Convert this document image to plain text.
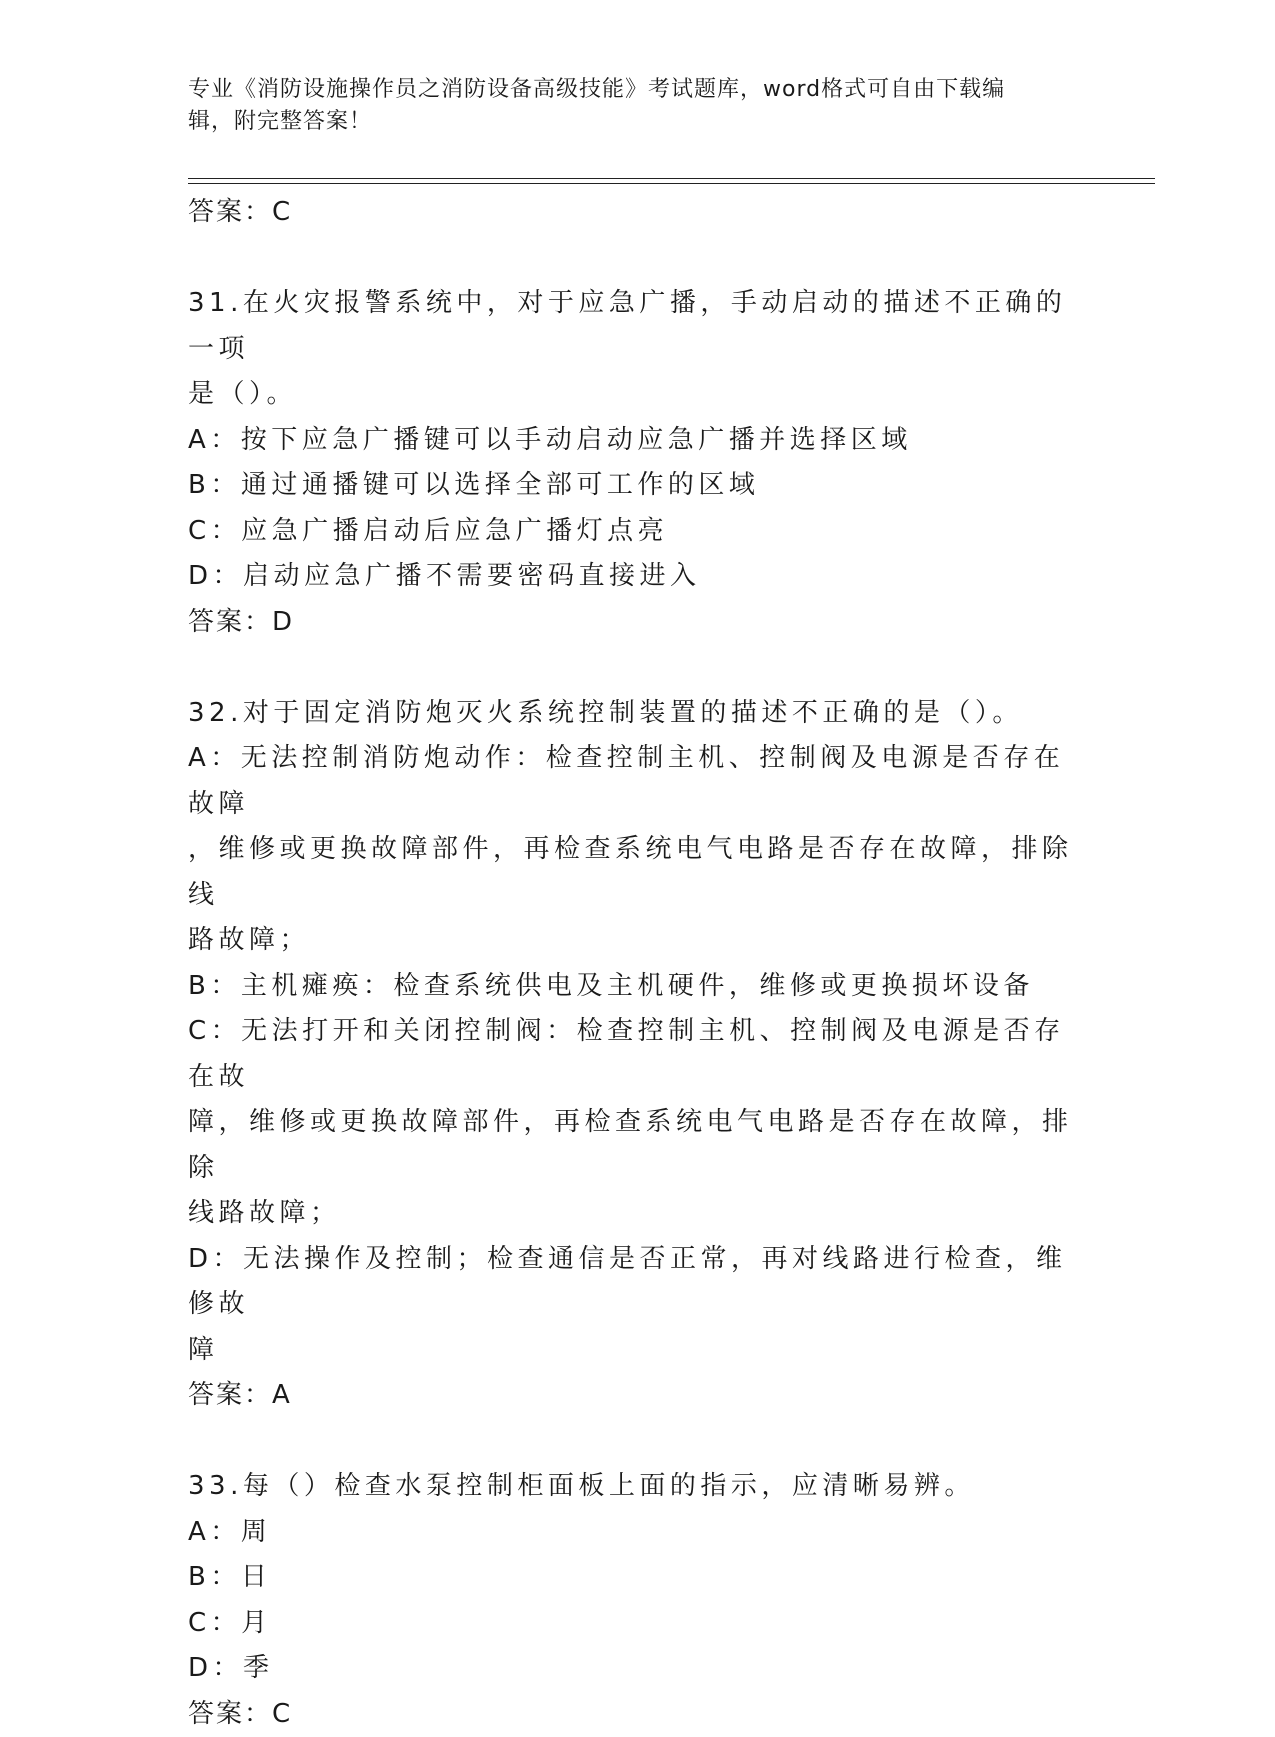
专业《消防设施操作员之消防设备高级技能》考试题库，word格式可自由下载编
辑，附完整答案！
答案：C
31.在火灾报警系统中，对于应急广播，手动启动的描述不正确的一项
是（）。
A：按下应急广播键可以手动启动应急广播并选择区域
B：通过通播键可以选择全部可工作的区域
C：应急广播启动后应急广播灯点亮
D：启动应急广播不需要密码直接进入
答案：D
32.对于固定消防炮灭火系统控制装置的描述不正确的是（）。
A：无法控制消防炮动作：检查控制主机、控制阀及电源是否存在故障
，维修或更换故障部件，再检查系统电气电路是否存在故障，排除线
路故障；
B：主机瘫痪：检查系统供电及主机硬件，维修或更换损坏设备
C：无法打开和关闭控制阀：检查控制主机、控制阀及电源是否存在故
障，维修或更换故障部件，再检查系统电气电路是否存在故障，排除
线路故障；
D：无法操作及控制；检查通信是否正常，再对线路进行检查，维修故
障
答案：A
33.每（）检查水泵控制柜面板上面的指示，应清晰易辨。
A：周
B：日
C：月
D：季
答案：C
